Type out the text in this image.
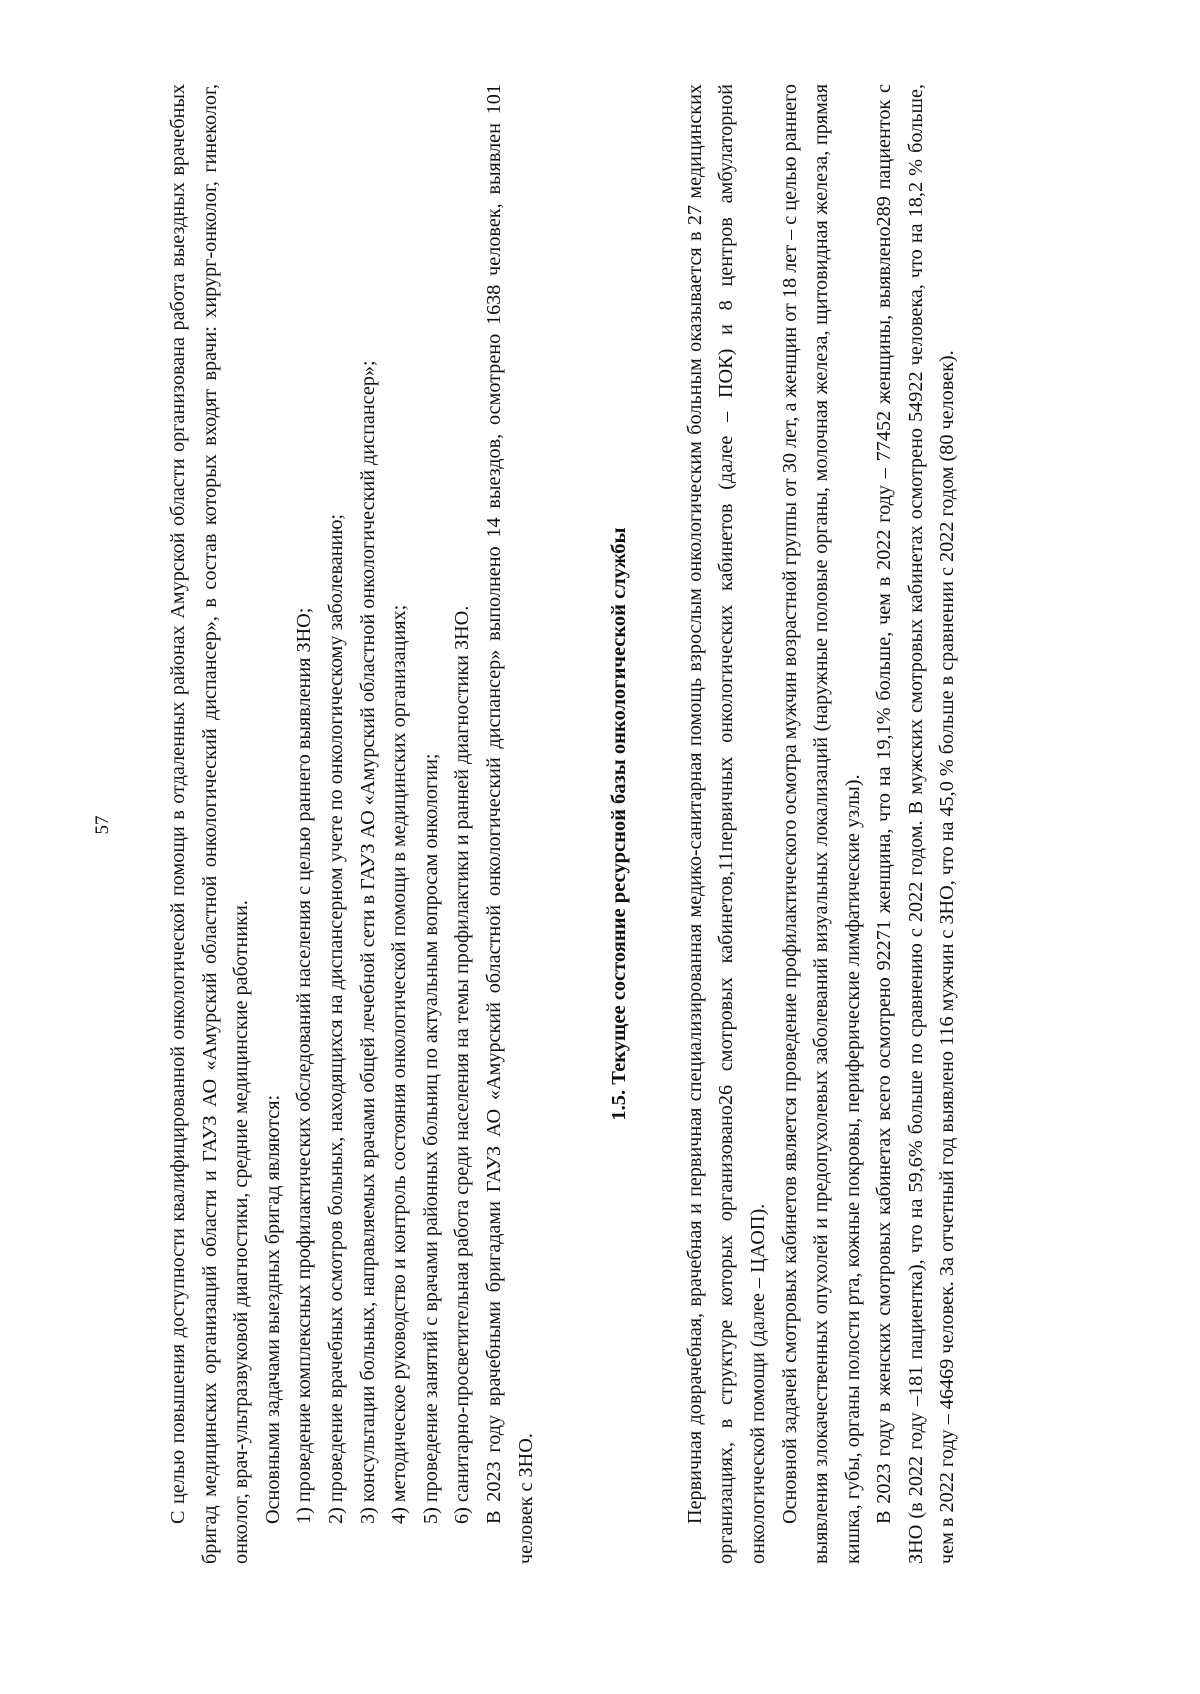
57	С целью повышения доступности квалифицированной онкологической помощи в отдаленных районах Амурской области организована работа выездных врачебных бригад медицинских организаций области и ГАУЗ АО «Амурский областной онкологический диспансер», в состав которых входят врачи: хирург-онколог, гинеколог, онколог, врач-ультразвуковой диагностики, средние медицинские работники. Основными задачами выездных бригад являются: 1) проведение комплексных профилактических обследований населения с целью раннего выявления ЗНО; 2) проведение врачебных осмотров больных, находящихся на диспансерном учете по онкологическому заболеванию; 3) консультации больных, направляемых врачами общей лечебной сети в ГАУЗ АО «Амурский областной онкологический диспансер»; 4) методическое руководство и контроль состояния онкологической помощи в медицинских организациях; 5) проведение занятий с врачами районных больниц по актуальным вопросам онкологии; 6) санитарно-просветительная работа среди населения на темы профилактики и ранней диагностики ЗНО. В 2023 году врачебными бригадами ГАУЗ АО «Амурский областной онкологический диспансер» выполнено 14 выездов, осмотрено 1638 человек, выявлен 101 человек с ЗНО.

1.5. Текущее состояние ресурсной базы онкологической службы	Первичная доврачебная, врачебная и первичная специализированная медико-санитарная помощь взрослым онкологическим больным оказывается в 27 медицинских организациях, в структуре которых организовано26 смотровых кабинетов,11первичных онкологических кабинетов (далее – ПОК) и 8 центров амбулаторной онкологической помощи (далее – ЦАОП). Основной задачей смотровых кабинетов является проведение профилактического осмотра мужчин возрастной группы от 30 лет, а женщин от 18 лет – с целью раннего выявления злокачественных опухолей и предопухолевых заболеваний визуальных локализаций (наружные половые органы, молочная железа, щитовидная железа, прямая кишка, губы, органы полости рта, кожные покровы, периферические лимфатические узлы). В 2023 году в женских смотровых кабинетах всего осмотрено 92271 женщина, что на 19,1% больше, чем в 2022 году – 77452 женщины, выявлено289 пациенток с ЗНО (в 2022 году –181 пациентка), что на 59,6% больше по сравнению с 2022 годом. В мужских смотровых кабинетах осмотрено 54922 человека, что на 18,2 % больше, чем в 2022 году – 46469 человек. За отчетный год выявлено 116 мужчин с ЗНО, что на 45,0 % больше в сравнении с 2022 годом (80 человек).
